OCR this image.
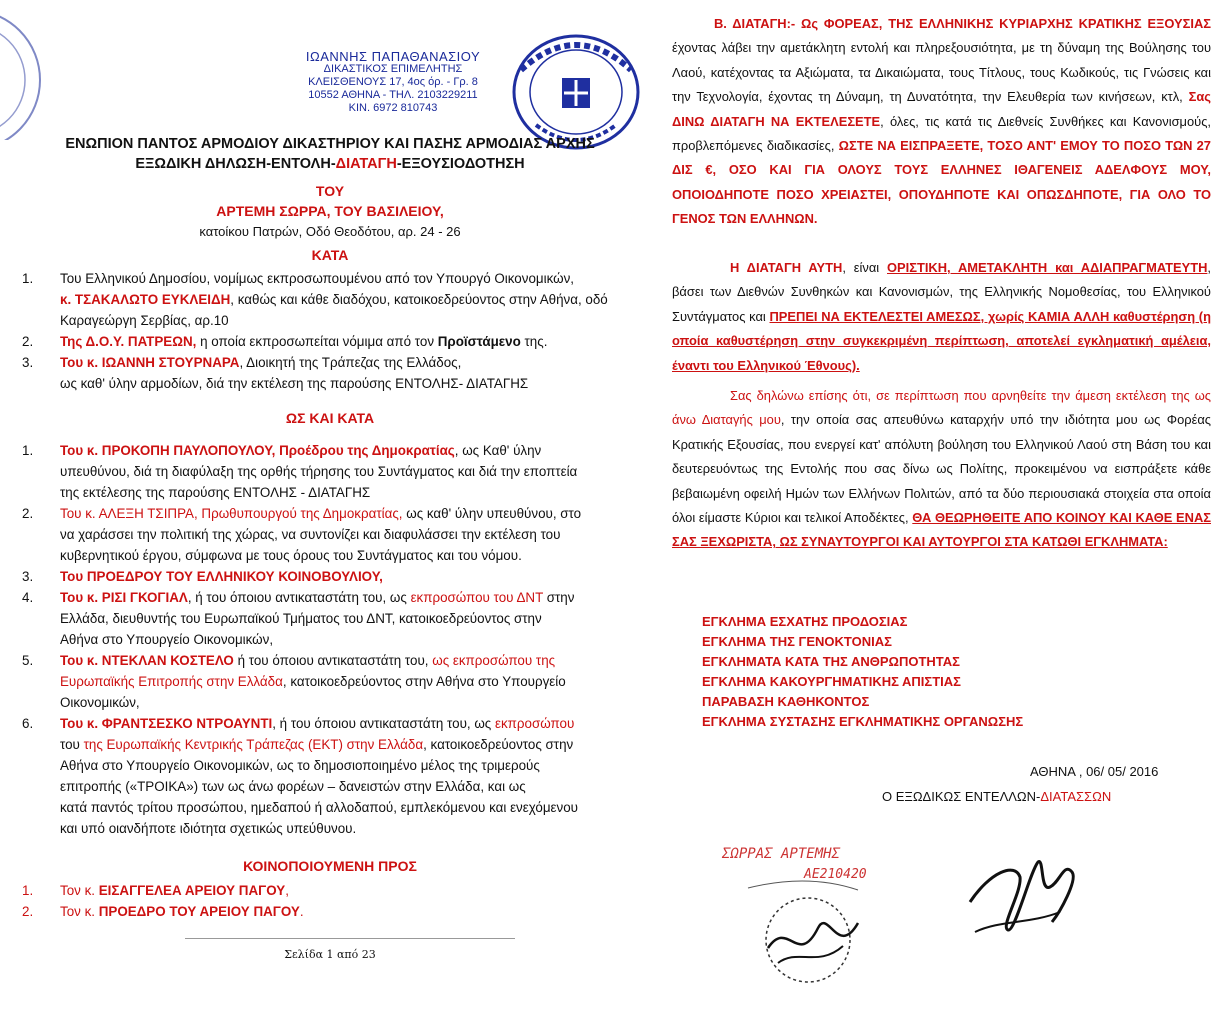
ΙΩΑΝΝΗΣ ΠΑΠΑΘΑΝΑΣΙΟΥ
ΔΙΚΑΣΤΙΚΟΣ ΕΠΙΜΕΛΗΤΗΣ
ΚΛΕΙΣΘΕΝΟΥΣ 17, 4ος όρ. - Γρ. 8
10552 ΑΘΗΝΑ - ΤΗΛ. 2103229211
ΚΙΝ. 6972 810743
ΕΝΩΠΙΟΝ ΠΑΝΤΟΣ ΑΡΜΟΔΙΟΥ ΔΙΚΑΣΤΗΡΙΟΥ ΚΑΙ ΠΑΣΗΣ ΑΡΜΟΔΙΑΣ ΑΡΧΗΣ
ΕΞΩΔΙΚΗ ΔΗΛΩΣΗ-ΕΝΤΟΛΗ-ΔΙΑΤΑΓΗ-ΕΞΟΥΣΙΟΔΟΤΗΣΗ
ΤΟΥ
ΑΡΤΕΜΗ ΣΩΡΡΑ, ΤΟΥ ΒΑΣΙΛΕΙΟΥ,
κατοίκου Πατρών, Οδό Θεοδότου, αρ. 24 - 26
ΚΑΤΑ
1. Του Ελληνικού Δημοσίου, νομίμως εκπροσωπουμένου από τον Υπουργό Οικονομικών,
κ. ΤΣΑΚΑΛΩΤΟ ΕΥΚΛΕΙΔΗ, καθώς και κάθε διαδόχου, κατοικοεδρεύοντος στην Αθήνα, οδό
Καραγεώργη Σερβίας, αρ.10
2. Της Δ.Ο.Υ. ΠΑΤΡΕΩΝ, η οποία εκπροσωπείται νόμιμα από τον Προϊστάμενο της.
3. Του κ. ΙΩΑΝΝΗ ΣΤΟΥΡΝΑΡΑ, Διοικητή της Τράπεζας της Ελλάδος,
ως καθ' ύλην αρμοδίων, διά την εκτέλεση της παρούσης ΕΝΤΟΛΗΣ- ΔΙΑΤΑΓΗΣ
ΩΣ ΚΑΙ ΚΑΤΑ
1. Του κ. ΠΡΟΚΟΠΗ ΠΑΥΛΟΠΟΥΛΟΥ, Προέδρου της Δημοκρατίας, ως Καθ' ύλην
υπευθύνου, διά τη διαφύλαξη της ορθής τήρησης του Συντάγματος και διά την εποπτεία
της εκτέλεσης της παρούσης ΕΝΤΟΛΗΣ - ΔΙΑΤΑΓΗΣ
2. Του κ. ΑΛΕΞΗ ΤΣΙΠΡΑ, Πρωθυπουργού της Δημοκρατίας, ως καθ' ύλην υπευθύνου, στο
να χαράσσει την πολιτική της χώρας, να συντονίζει και διαφυλάσσει την εκτέλεση του
κυβερνητικού έργου, σύμφωνα με τους όρους του Συντάγματος και του νόμου.
3. Του ΠΡΟΕΔΡΟΥ ΤΟΥ ΕΛΛΗΝΙΚΟΥ ΚΟΙΝΟΒΟΥΛΙΟΥ,
4. Του κ. ΡΙΣΙ ΓΚΟΓΙΑΛ, ή του όποιου αντικαταστάτη του, ως εκπροσώπου του ΔΝΤ στην
Ελλάδα, διευθυντής του Ευρωπαϊκού Τμήματος του ΔΝΤ, κατοικοεδρεύοντος στην
Αθήνα στο Υπουργείο Οικονομικών,
5. Του κ. ΝΤΕΚΛΑΝ ΚΟΣΤΕΛΟ ή του όποιου αντικαταστάτη του, ως εκπροσώπου της
Ευρωπαϊκής Επιτροπής στην Ελλάδα, κατοικοεδρεύοντος στην Αθήνα στο Υπουργείο
Οικονομικών,
6. Του κ. ΦΡΑΝΤΣΕΣΚΟ ΝΤΡΟΑΥΝΤΙ, ή του όποιου αντικαταστάτη του, ως εκπροσώπου
του της Ευρωπαϊκής Κεντρικής Τράπεζας (ΕΚΤ) στην Ελλάδα, κατοικοεδρεύοντος στην
Αθήνα στο Υπουργείο Οικονομικών, ως το δημοσιοποιημένο μέλος της τριμερούς
επιτροπής («ΤΡΟΙΚΑ») των ως άνω φορέων – δανειστών στην Ελλάδα, και ως
κατά παντός τρίτου προσώπου, ημεδαπού ή αλλοδαπού, εμπλεκόμενου και ενεχόμενου
και υπό οιανδήποτε ιδιότητα σχετικώς υπεύθυνου.
ΚΟΙΝΟΠΟΙΟΥΜΕΝΗ ΠΡΟΣ
1. Τον κ. ΕΙΣΑΓΓΕΛΕΑ ΑΡΕΙΟΥ ΠΑΓΟΥ,
2. Τον κ. ΠΡΟΕΔΡΟ ΤΟΥ ΑΡΕΙΟΥ ΠΑΓΟΥ.
Σελίδα 1 από 23

Β. ΔΙΑΤΑΓΗ:- Ως ΦΟΡΕΑΣ, ΤΗΣ ΕΛΛΗΝΙΚΗΣ ΚΥΡΙΑΡΧΗΣ ΚΡΑΤΙΚΗΣ ΕΞΟΥΣΙΑΣ έχοντας λάβει την αμετάκλητη εντολή και πληρεξουσιότητα, με τη δύναμη της Βούλησης του Λαού, κατέχοντας τα Αξιώματα, τα Δικαιώματα, τους Τίτλους, τους Κωδικούς, τις Γνώσεις και την Τεχνολογία, έχοντας τη Δύναμη, τη Δυνατότητα, την Ελευθερία των κινήσεων, κτλ, Σας ΔΙΝΩ ΔΙΑΤΑΓΗ ΝΑ ΕΚΤΕΛΕΣΕΤΕ, όλες, τις κατά τις Διεθνείς Συνθήκες και Κανονισμούς, προβλεπόμενες διαδικασίες, ΩΣΤΕ ΝΑ ΕΙΣΠΡΑΞΕΤΕ, ΤΟΣΟ ΑΝΤ' ΕΜΟΥ ΤΟ ΠΟΣΟ ΤΩΝ 27 ΔΙΣ €, ΟΣΟ ΚΑΙ ΓΙΑ ΟΛΟΥΣ ΤΟΥΣ ΕΛΛΗΝΕΣ ΙΘΑΓΕΝΕΙΣ ΑΔΕΛΦΟΥΣ ΜΟΥ, ΟΠΟΙΟΔΗΠΟΤΕ ΠΟΣΟ ΧΡΕΙΑΣΤΕΙ, ΟΠΟΥΔΗΠΟΤΕ ΚΑΙ ΟΠΩΣΔΗΠΟΤΕ, ΓΙΑ ΟΛΟ ΤΟ ΓΕΝΟΣ ΤΩΝ ΕΛΛΗΝΩΝ.

Η ΔΙΑΤΑΓΗ ΑΥΤΗ, είναι ΟΡΙΣΤΙΚΗ, ΑΜΕΤΑΚΛΗΤΗ και ΑΔΙΑΠΡΑΓΜΑΤΕΥΤΗ, βάσει των Διεθνών Συνθηκών και Κανονισμών, της Ελληνικής Νομοθεσίας, του Ελληνικού Συντάγματος και ΠΡΕΠΕΙ ΝΑ ΕΚΤΕΛΕΣΤΕΙ ΑΜΕΣΩΣ, χωρίς ΚΑΜΙΑ ΑΛΛΗ καθυστέρηση (η οποία καθυστέρηση στην συγκεκριμένη περίπτωση, αποτελεί εγκληματική αμέλεια, έναντι του Ελληνικού Έθνους).

Σας δηλώνω επίσης ότι, σε περίπτωση που αρνηθείτε την άμεση εκτέλεση της ως άνω Διαταγής μου, την οποία σας απευθύνω καταρχήν υπό την ιδιότητα μου ως Φορέας Κρατικής Εξουσίας, που ενεργεί κατ' απόλυτη βούληση του Ελληνικού Λαού στη Βάση του και δευτερευόντως της Εντολής που σας δίνω ως Πολίτης, προκειμένου να εισπράξετε κάθε βεβαιωμένη οφειλή Ημών των Ελλήνων Πολιτών, από τα δύο περιουσιακά στοιχεία στα οποία όλοι είμαστε Κύριοι και τελικοί Αποδέκτες, ΘΑ ΘΕΩΡΗΘΕΙΤΕ ΑΠΟ ΚΟΙΝΟΥ ΚΑΙ ΚΑΘΕ ΕΝΑΣ ΣΑΣ ΞΕΧΩΡΙΣΤΑ, ΩΣ ΣΥΝΑΥΤΟΥΡΓΟΙ ΚΑΙ ΑΥΤΟΥΡΓΟΙ ΣΤΑ ΚΑΤΩΘΙ ΕΓΚΛΗΜΑΤΑ:

ΕΓΚΛΗΜΑ ΕΣΧΑΤΗΣ ΠΡΟΔΟΣΙΑΣ
ΕΓΚΛΗΜΑ ΤΗΣ ΓΕΝΟΚΤΟΝΙΑΣ
ΕΓΚΛΗΜΑΤΑ ΚΑΤΑ ΤΗΣ ΑΝΘΡΩΠΟΤΗΤΑΣ
ΕΓΚΛΗΜΑ ΚΑΚΟΥΡΓΗΜΑΤΙΚΗΣ ΑΠΙΣΤΙΑΣ
ΠΑΡΑΒΑΣΗ ΚΑΘΗΚΟΝΤΟΣ
ΕΓΚΛΗΜΑ ΣΥΣΤΑΣΗΣ ΕΓΚΛΗΜΑΤΙΚΗΣ ΟΡΓΑΝΩΣΗΣ
ΑΘΗΝΑ , 06/ 05/ 2016
Ο ΕΞΩΔΙΚΩΣ ΕΝΤΕΛΛΩΝ-ΔΙΑΤΑΣΣΩΝ
ΣΩΡΡΑΣ ΑΡΤΕΜΗΣ
ΑΕ210420
